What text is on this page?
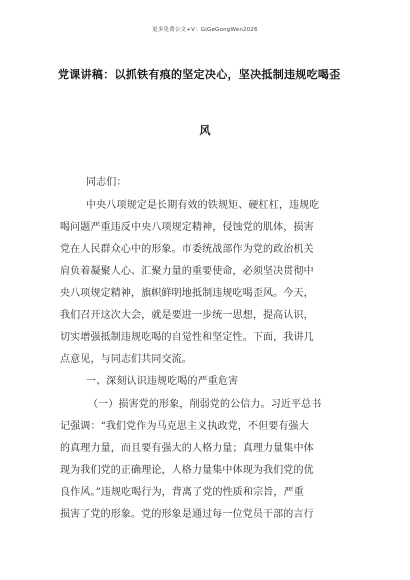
更多免费公文+V：GiGeGongWen2026
党课讲稿：以抓铁有痕的坚定决心，坚决抵制违规吃喝歪
风
同志们：
中央八项规定是长期有效的铁规矩、硬杠杠，违规吃
喝问题严重违反中央八项规定精神，侵蚀党的肌体，损害
党在人民群众心中的形象。市委统战部作为党的政治机关
肩负着凝聚人心、汇聚力量的重要使命，必须坚决贯彻中
央八项规定精神，旗帜鲜明地抵制违规吃喝歪风。今天，
我们召开这次大会，就是要进一步统一思想，提高认识，
切实增强抵制违规吃喝的自觉性和坚定性。下面，我讲几
点意见，与同志们共同交流。
一、深刻认识违规吃喝的严重危害
（一）损害党的形象，削弱党的公信力。习近平总书
记强调：“我们党作为马克思主义执政党，不但要有强大
的真理力量，而且要有强大的人格力量；真理力量集中体
现为我们党的正确理论，人格力量集中体现为我们党的优
良作风。”违规吃喝行为，背离了党的性质和宗旨，严重
损害了党的形象。党的形象是通过每一位党员干部的言行
